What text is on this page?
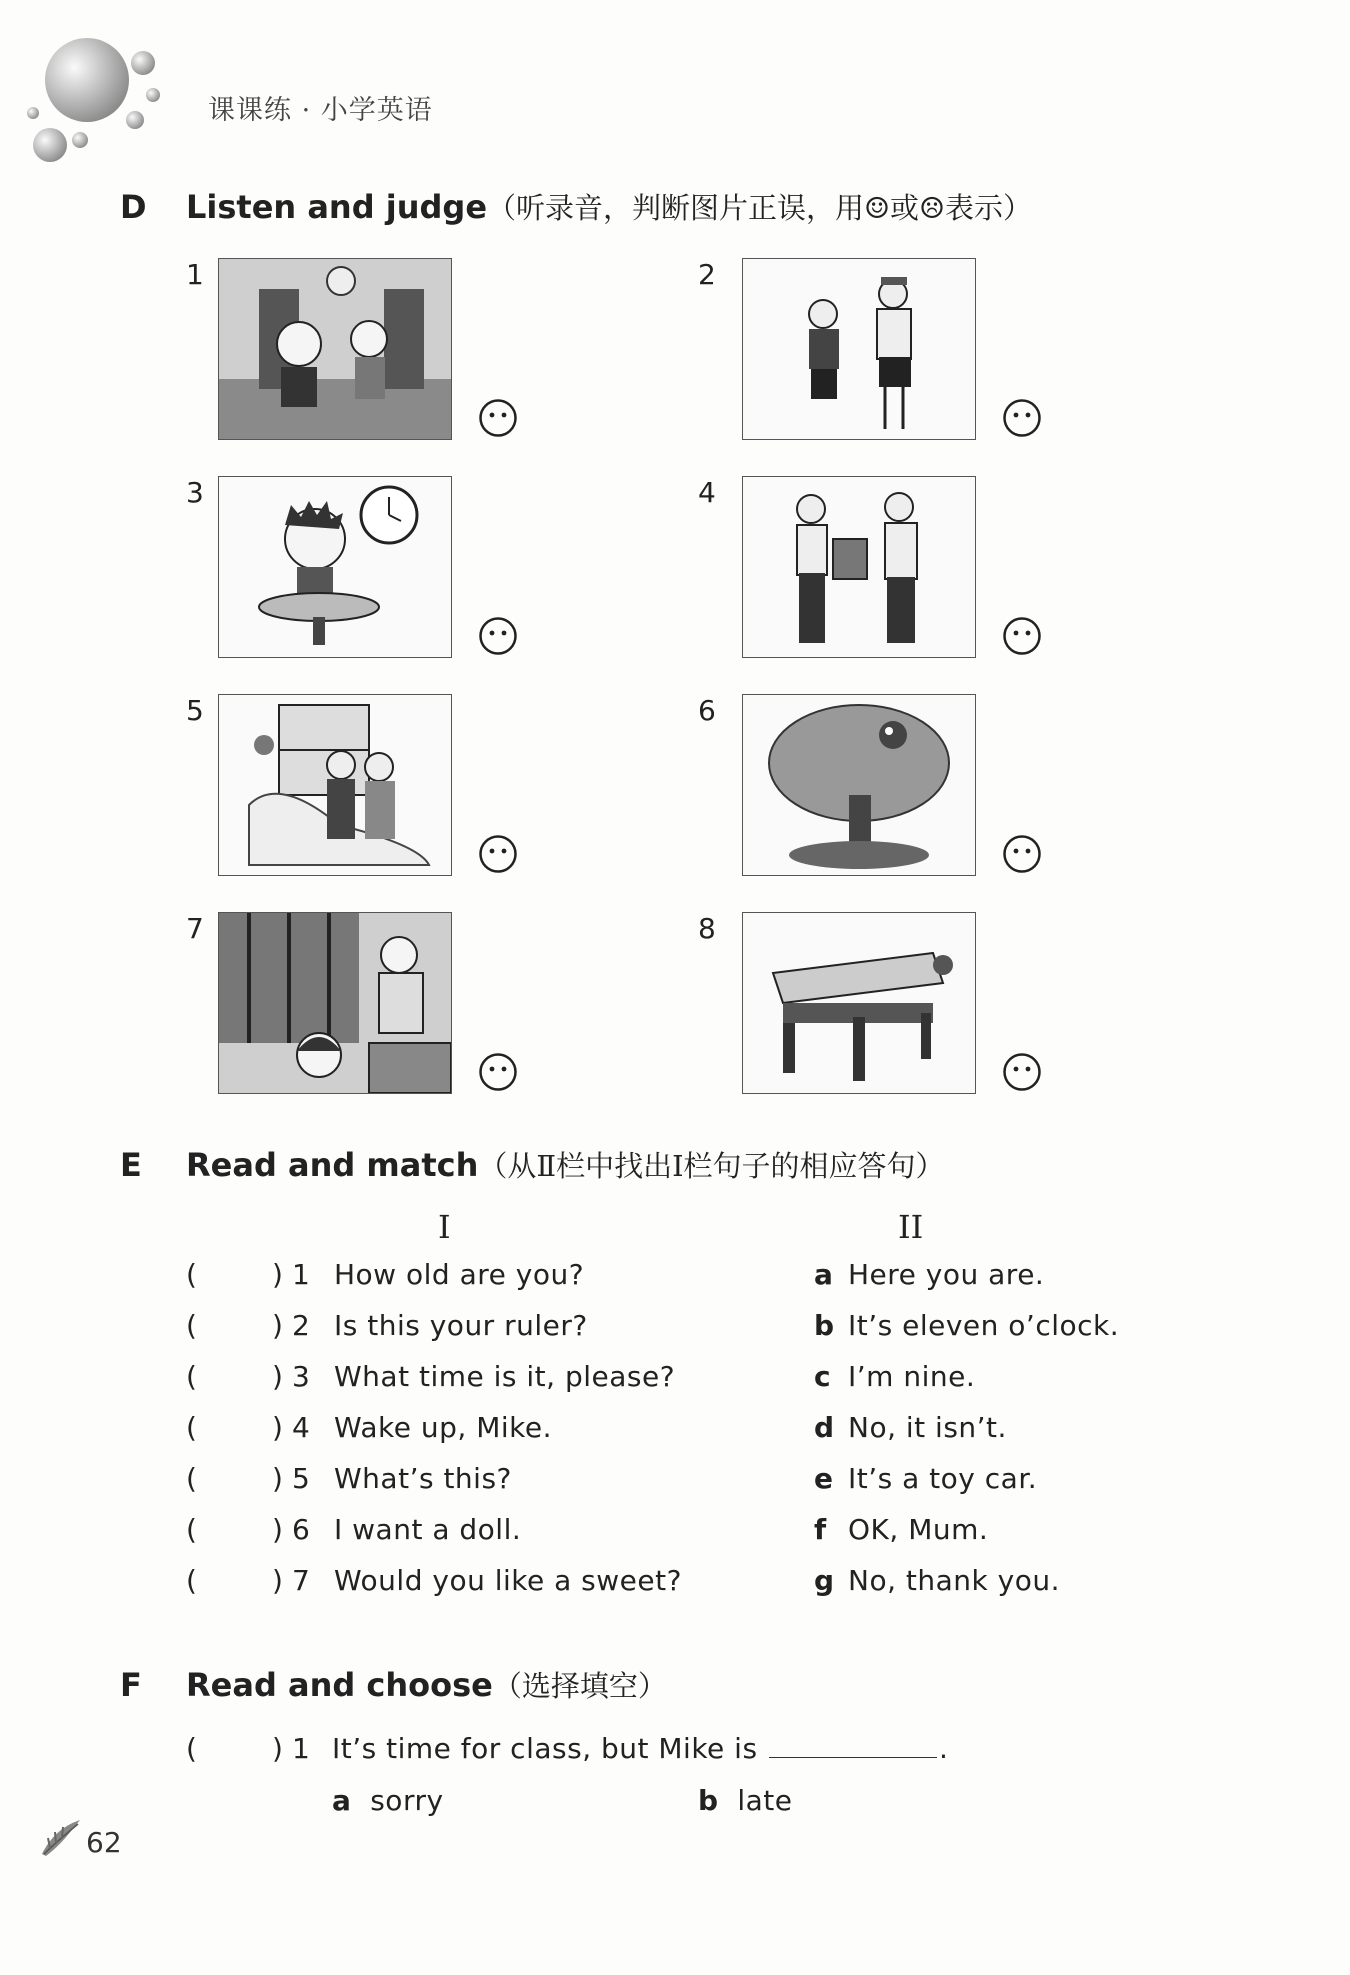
课课练 · 小学英语
D Listen and judge（听录音，判断图片正误，用☺或☹表示）
1	2
3	4
5	6
7	8
E Read and match（从Ⅱ栏中找出Ⅰ栏句子的相应答句）
I	II
(	) 1 How old are you?	a Here you are.
(	) 2 Is this your ruler?	b It’s eleven o’clock.
(	) 3 What time is it, please?	c I’m nine.
(	) 4 Wake up, Mike.	d No, it isn’t.
(	) 5 What’s this?	e It’s a toy car.
(	) 6 I want a doll.	f OK, Mum.
(	) 7 Would you like a sweet?	g No, thank you.
F Read and choose（选择填空）
(	) 1 It’s time for class, but Mike is	.
a sorry	b late
62
